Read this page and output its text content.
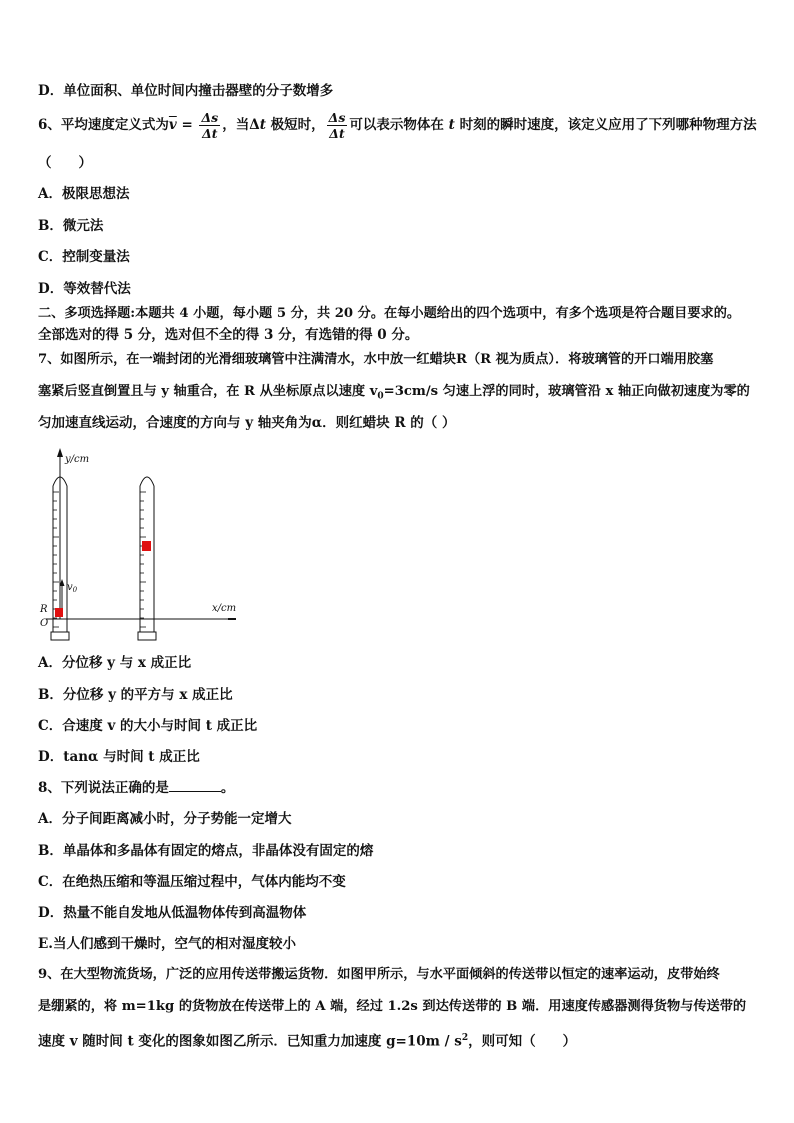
D．单位面积、单位时间内撞击器壁的分子数增多
6、平均速度定义式为$\overline{v} = \frac{\Delta s}{\Delta t}$ ，当Δt 极短时， $\frac{\Delta s}{\Delta t}$ 可以表示物体在 t 时刻的瞬时速度，该定义应用了下列哪种物理方法
（　　）
A．极限思想法
B．微元法
C．控制变量法
D．等效替代法
二、多项选择题:本题共 4 小题，每小题 5 分，共 20 分。在每小题给出的四个选项中，有多个选项是符合题目要求的。
全部选对的得 5 分，选对但不全的得 3 分，有选错的得 0 分。
7、如图所示，在一端封闭的光滑细玻璃管中注满清水，水中放一红蜡块R（R 视为质点）．将玻璃管的开口端用胶塞
塞紧后竖直倒置且与 y 轴重合，在 R 从坐标原点以速度 $v_0=3cm/s$ 匀速上浮的同时，玻璃管沿 x 轴正向做初速度为零的
匀加速直线运动，合速度的方向与 y 轴夹角为α．则红蜡块 R 的（ ）
y/cm
x/cm
R
O
$v_0$
A．分位移 y 与 x 成正比
B．分位移 y 的平方与 x 成正比
C．合速度 v 的大小与时间 t 成正比
D．tanα 与时间 t 成正比
8、下列说法正确的是	。
A．分子间距离减小时，分子势能一定增大
B．单晶体和多晶体有固定的熔点，非晶体没有固定的熔
C．在绝热压缩和等温压缩过程中，气体内能均不变
D．热量不能自发地从低温物体传到高温物体
E.当人们感到干燥时，空气的相对湿度较小
9、在大型物流货场，广泛的应用传送带搬运货物．如图甲所示，与水平面倾斜的传送带以恒定的速率运动，皮带始终
是绷紧的，将 m=1kg 的货物放在传送带上的 A 端，经过 1.2s 到达传送带的 B 端．用速度传感器测得货物与传送带的
速度 v 随时间 t 变化的图象如图乙所示．已知重力加速度 $g=10m / s^2$，则可知（　　）
